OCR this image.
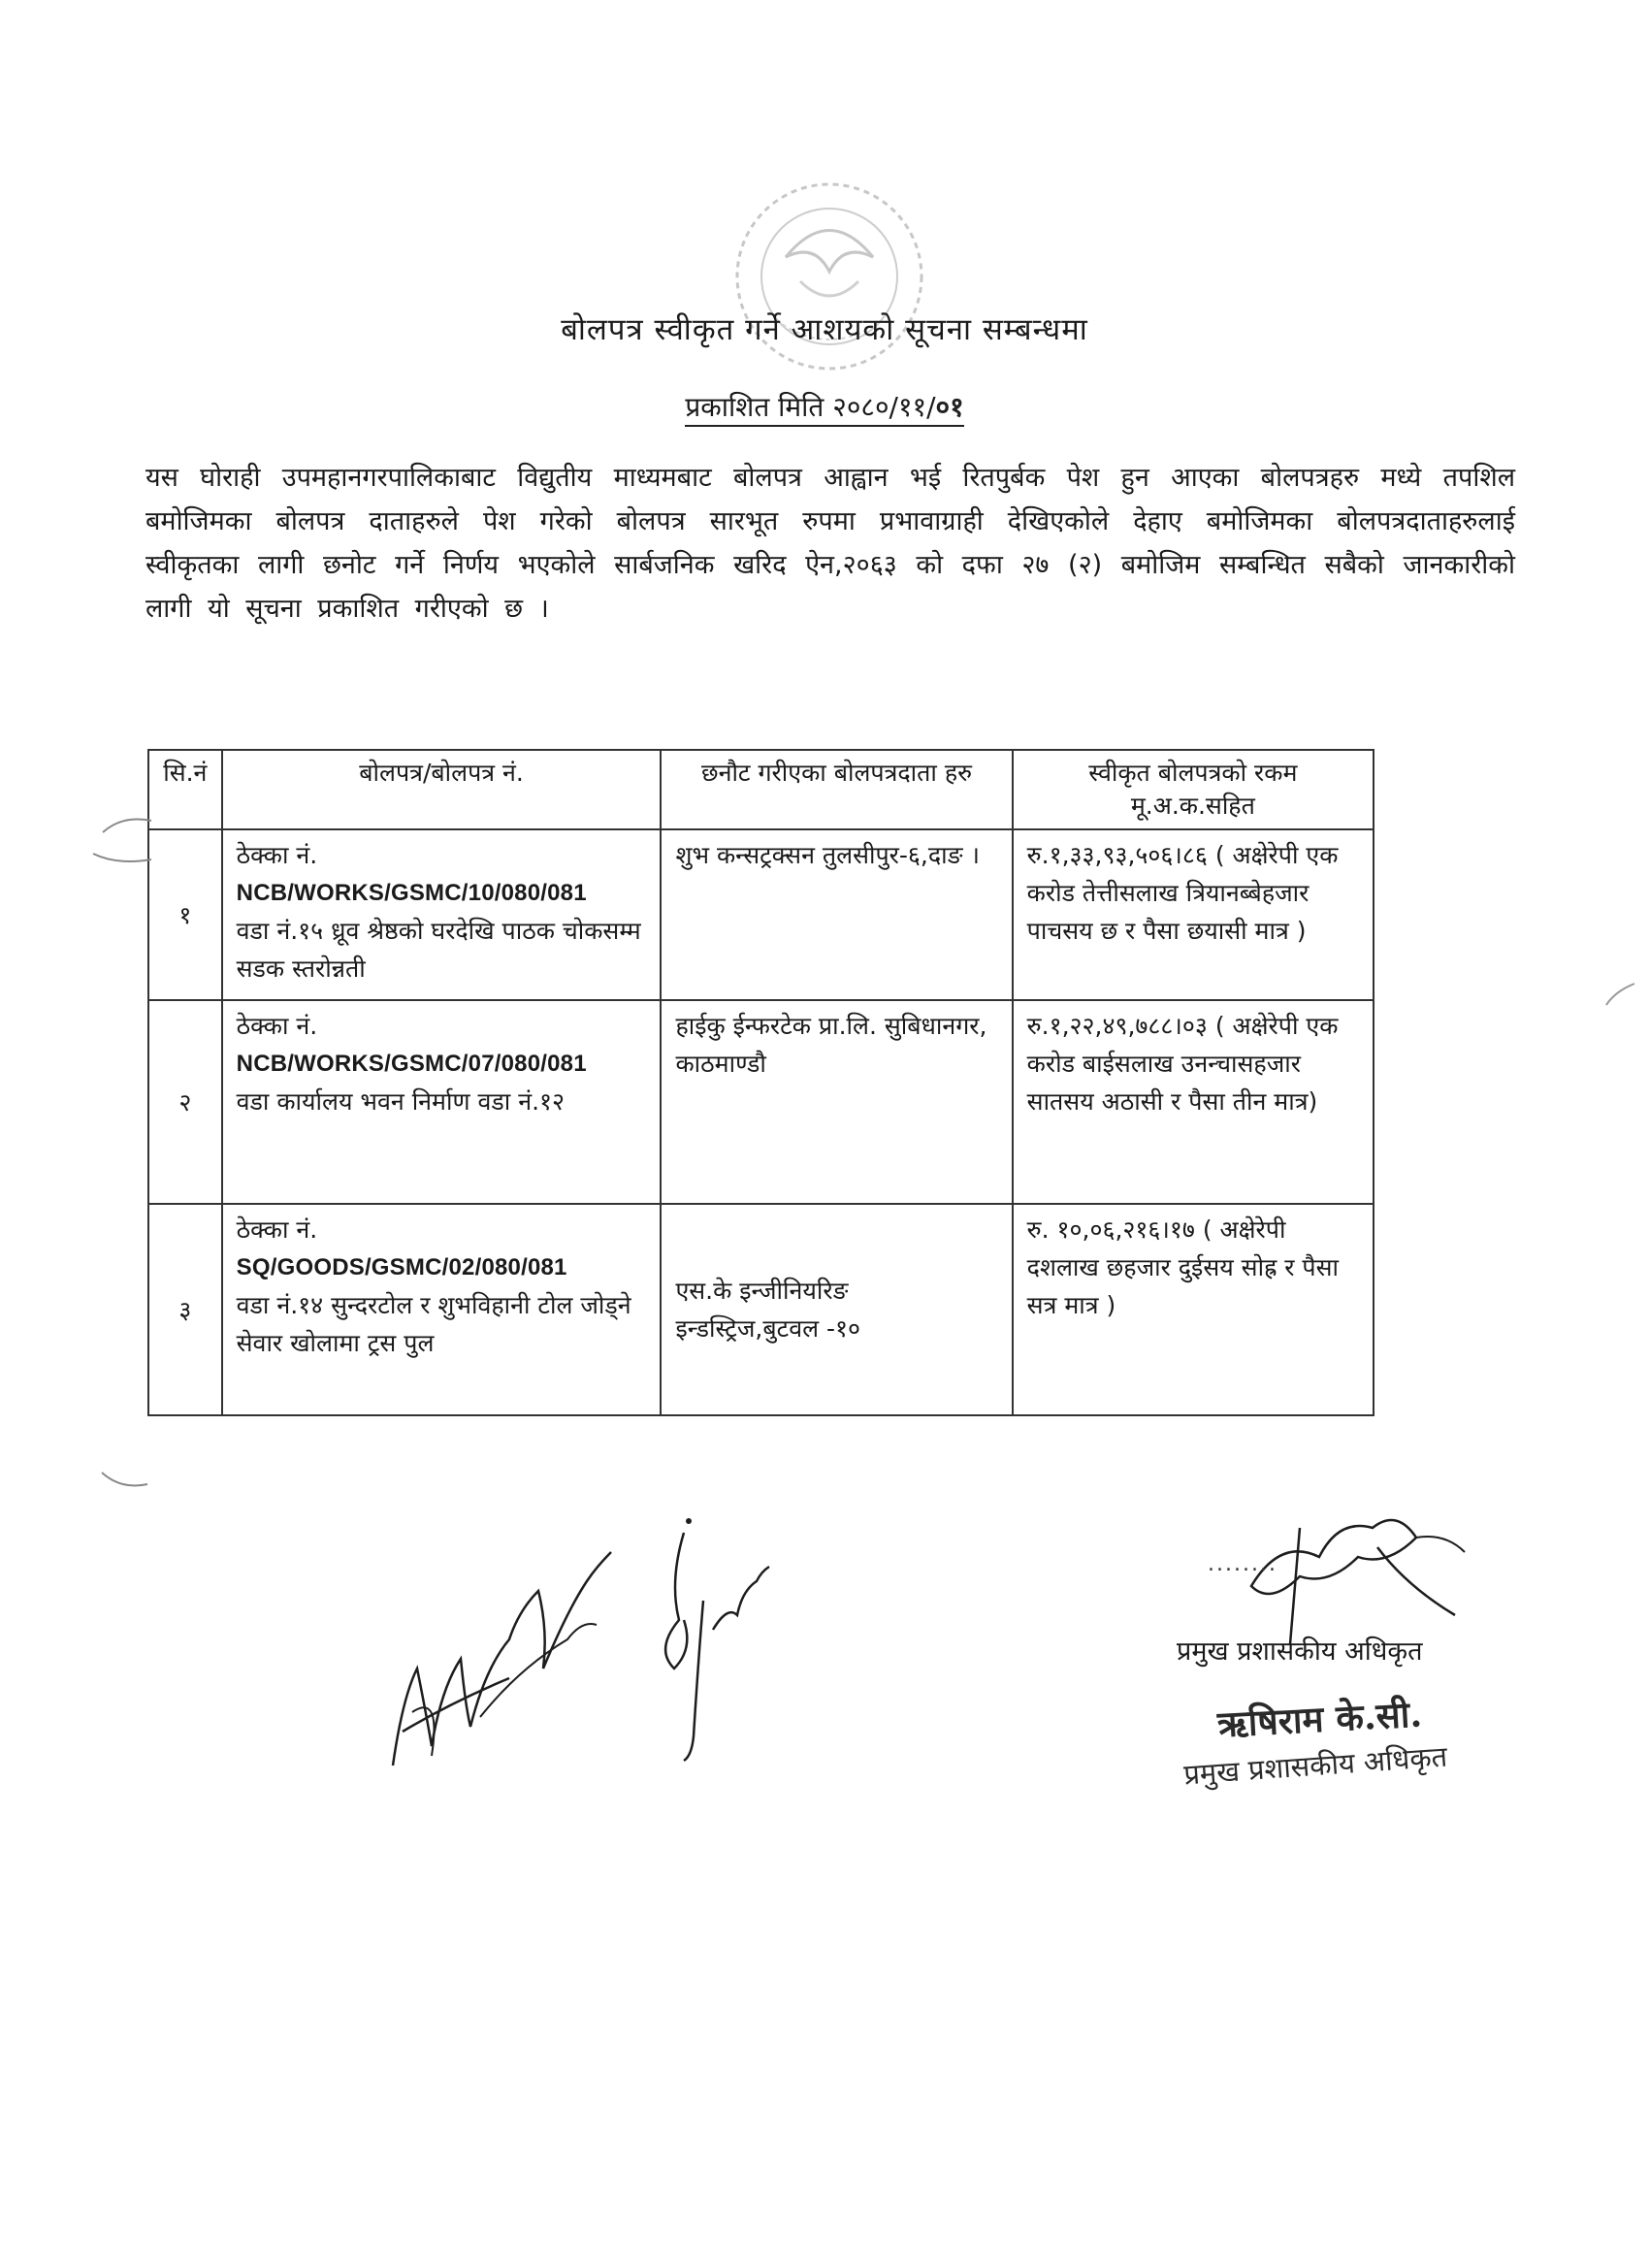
बोलपत्र स्वीकृत गर्ने आशयको सूचना सम्बन्धमा
प्रकाशित मिति २०८०/११/०१
यस घोराही उपमहानगरपालिकाबाट विद्युतीय माध्यमबाट बोलपत्र आह्वान भई रितपुर्बक पेश हुन आएका बोलपत्रहरु मध्ये तपशिल बमोजिमका बोलपत्र दाताहरुले पेश गरेको बोलपत्र सारभूत रुपमा प्रभावाग्राही देखिएकोले देहाए बमोजिमका बोलपत्रदाताहरुलाई स्वीकृतका लागी छनोट गर्ने निर्णय भएकोले सार्बजनिक खरिद ऐन,२०६३ को दफा २७ (२) बमोजिम सम्बन्धित सबैको जानकारीको लागी यो सूचना प्रकाशित गरीएको छ ।
सि.नं	बोलपत्र/बोलपत्र नं.	छनौट गरीएका बोलपत्रदाता हरु	स्वीकृत बोलपत्रको रकम
मू.अ.क.सहित

१	ठेक्का नं.
NCB/WORKS/GSMC/10/080/081
वडा नं.१५ ध्रूव श्रेष्ठको घरदेखि पाठक चोकसम्म सडक स्तरोन्नती	शुभ कन्सट्रक्सन तुलसीपुर-६,दाङ ।	रु.१,३३,९३,५०६।८६ ( अक्षेरेपी एक करोड तेत्तीसलाख त्रियानब्बेहजार पाचसय छ र पैसा छयासी मात्र )
२	ठेक्का नं.
NCB/WORKS/GSMC/07/080/081
वडा कार्यालय भवन निर्माण वडा नं.१२	हाईकु ईन्फरटेक प्रा.लि. सुबिधानगर, काठमाण्डौ	रु.१,२२,४९,७८८।०३ ( अक्षेरेपी एक करोड बाईसलाख उनन्चासहजार सातसय अठासी र पैसा तीन मात्र)
३	ठेक्का नं.
SQ/GOODS/GSMC/02/080/081
वडा नं.१४ सुन्दरटोल र शुभविहानी टोल जोड्ने सेवार खोलामा ट्रस पुल	एस.के इन्जीनियरिङ इन्डस्ट्रिज,बुटवल -१०	रु. १०,०६,२१६।१७ ( अक्षेरेपी दशलाख छहजार दुईसय सोह्र र पैसा सत्र मात्र )
........
प्रमुख प्रशासकीय अधिकृत
ऋषिराम के.सी.
प्रमुख प्रशासकीय अधिकृत
